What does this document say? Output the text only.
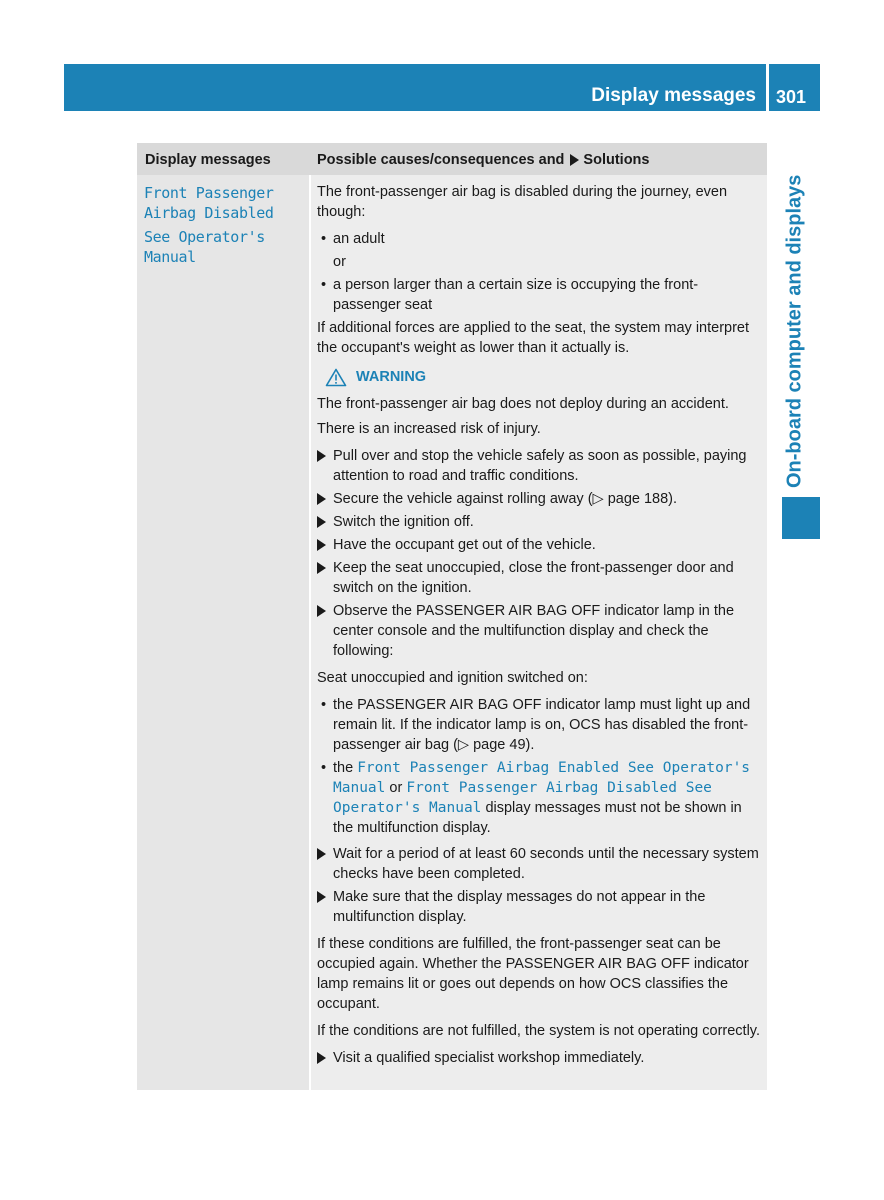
Display messages 301
On-board computer and displays
Display messages	Possible causes/consequences and Solutions
Front Passenger
Airbag Disabled
See Operator's
Manual

The front-passenger air bag is disabled during the journey, even though:

• an adult
or
• a person larger than a certain size is occupying the front-passenger seat

If additional forces are applied to the seat, the system may interpret the occupant's weight as lower than it actually is.

WARNING
The front-passenger air bag does not deploy during an accident.

There is an increased risk of injury.

Pull over and stop the vehicle safely as soon as possible, paying attention to road and traffic conditions.
Secure the vehicle against rolling away (▷ page 188).
Switch the ignition off.
Have the occupant get out of the vehicle.
Keep the seat unoccupied, close the front-passenger door and switch on the ignition.
Observe the PASSENGER AIR BAG OFF indicator lamp in the center console and the multifunction display and check the following:

Seat unoccupied and ignition switched on:

• the PASSENGER AIR BAG OFF indicator lamp must light up and remain lit. If the indicator lamp is on, OCS has disabled the front-passenger air bag (▷ page 49).
• the Front Passenger Airbag Enabled See Operator's Manual or Front Passenger Airbag Disabled See Operator's Manual display messages must not be shown in the multifunction display.
Wait for a period of at least 60 seconds until the necessary system checks have been completed.
Make sure that the display messages do not appear in the multifunction display.

If these conditions are fulfilled, the front-passenger seat can be occupied again. Whether the PASSENGER AIR BAG OFF indicator lamp remains lit or goes out depends on how OCS classifies the occupant.

If the conditions are not fulfilled, the system is not operating correctly.

Visit a qualified specialist workshop immediately.
